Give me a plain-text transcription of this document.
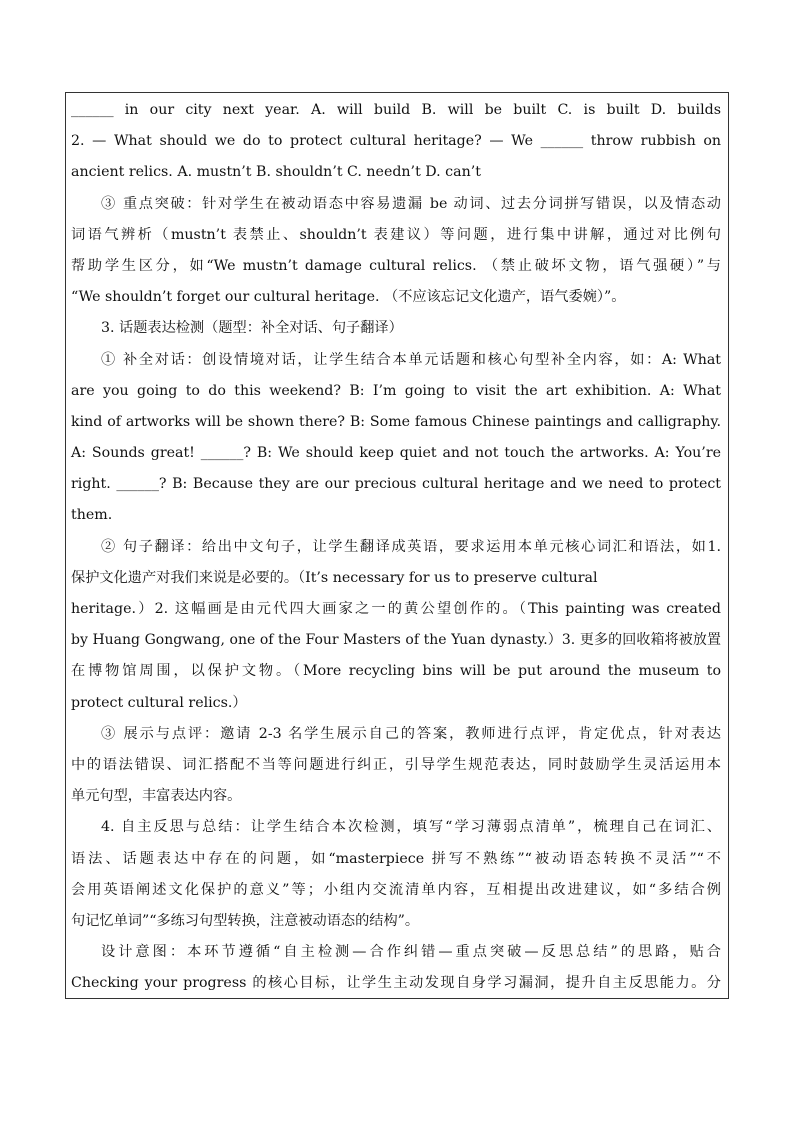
______ in our city next year. A. will build B. will be built C. is built D. builds
2. — What should we do to protect cultural heritage? — We ______ throw rubbish on
ancient relics. A. mustn’t B. shouldn’t C. needn’t D. can’t
③ 重点突破：针对学生在被动语态中容易遗漏 be 动词、过去分词拼写错误，以及情态动
词语气辨析（mustn’t 表禁止、shouldn’t 表建议）等问题，进行集中讲解，通过对比例句
帮助学生区分，如“We mustn’t damage cultural relics. （禁止破坏文物，语气强硬）”与
“We shouldn’t forget our cultural heritage. （不应该忘记文化遗产，语气委婉）”。
3. 话题表达检测（题型：补全对话、句子翻译）
① 补全对话：创设情境对话，让学生结合本单元话题和核心句型补全内容，如：A: What
are you going to do this weekend? B: I’m going to visit the art exhibition. A: What
kind of artworks will be shown there? B: Some famous Chinese paintings and calligraphy.
A: Sounds great! ______? B: We should keep quiet and not touch the artworks. A: You’re
right. ______? B: Because they are our precious cultural heritage and we need to protect
them.
② 句子翻译：给出中文句子，让学生翻译成英语，要求运用本单元核心词汇和语法，如1.
保护文化遗产对我们来说是必要的。（It’s necessary for us to preserve cultural
heritage.）2. 这幅画是由元代四大画家之一的黄公望创作的。（This painting was created
by Huang Gongwang, one of the Four Masters of the Yuan dynasty.）3. 更多的回收箱将被放置
在博物馆周围，以保护文物。（More recycling bins will be put around the museum to
protect cultural relics.）
③ 展示与点评：邀请 2-3 名学生展示自己的答案，教师进行点评，肯定优点，针对表达
中的语法错误、词汇搭配不当等问题进行纠正，引导学生规范表达，同时鼓励学生灵活运用本
单元句型，丰富表达内容。
4. 自主反思与总结：让学生结合本次检测，填写“学习薄弱点清单”，梳理自己在词汇、
语法、话题表达中存在的问题，如“masterpiece 拼写不熟练”“被动语态转换不灵活”“不
会用英语阐述文化保护的意义”等；小组内交流清单内容，互相提出改进建议，如“多结合例
句记忆单词”“多练习句型转换，注意被动语态的结构”。
设计意图：本环节遵循“自主检测—合作纠错—重点突破—反思总结”的思路，贴合
Checking your progress 的核心目标，让学生主动发现自身学习漏洞，提升自主反思能力。分
